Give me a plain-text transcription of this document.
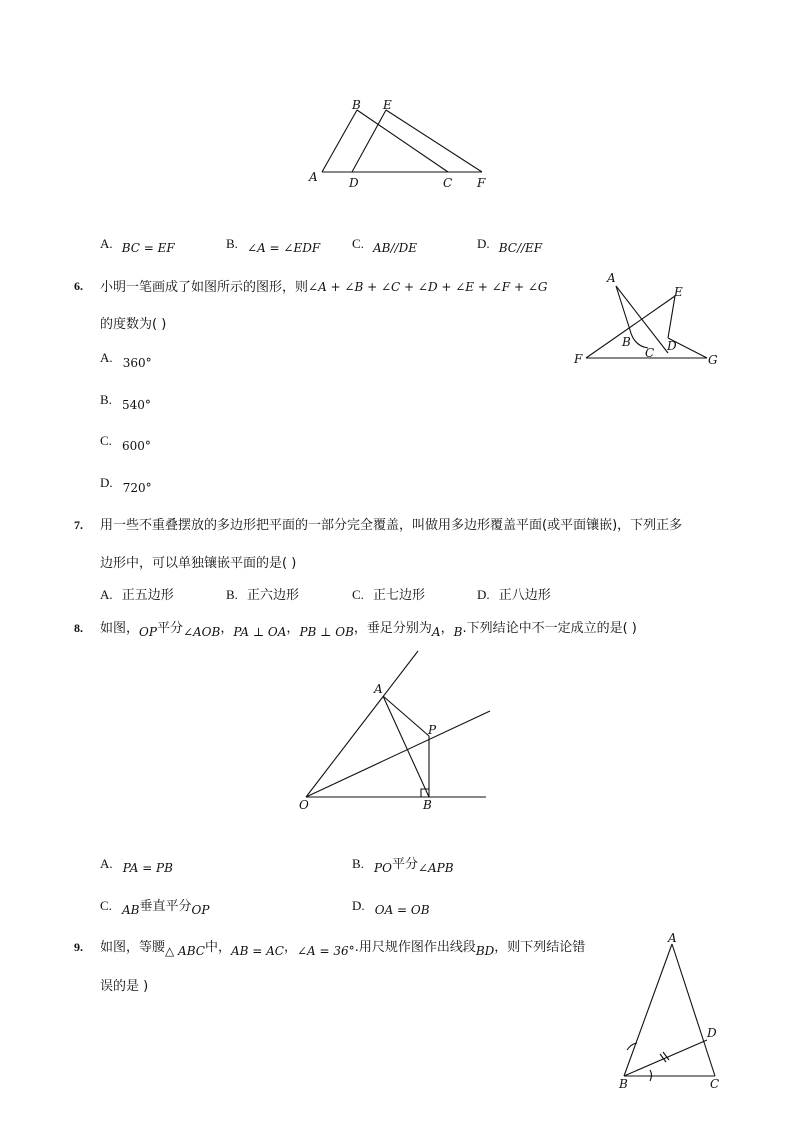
A
B E
D	C F
A. $_{BC = EF}$	B. $_{\angle A = \angle EDF}$ C. $_{AB//DE}$	D. $_{BC//EF}$
6. 小明一笔画成了如图所示的图形，则∠A + ∠B + ∠C + ∠D + ∠E + ∠F + ∠G
的度数为( )
A. $_{360^\circ}$
B. $_{540^\circ}$
C. $_{600^\circ}$
D. $_{720^\circ}$
A
E
B
C D
F	G
7. 用一些不重叠摆放的多边形把平面的一部分完全覆盖，叫做用多边形覆盖平面(或平面镶嵌)，下列正多
边形中，可以单独镶嵌平面的是( )
A. 正五边形	B. 正六边形	C. 正七边形	D. 正八边形
8. 如图，$_{OP}$平分$_{\angle AOB}$，$_{PA \perp OA}$，$_{PB \perp OB}$，垂足分别为$_A$，$_B$.下列结论中不一定成立的是( )
A
P
O	B
A. $_{PA = PB}$	B. $_{PO}$平分$_{\angle APB}$
C. $_{AB}$垂直平分$_{OP}$	D. $_{OA = OB}$
9. 如图，等腰$_{\triangle ABC}$中，$_{AB = AC}$，$_{\angle A = 36^\circ}$.用尺规作图作出线段$_{BD}$，则下列结论错
误的是 )
A
D
B	C
